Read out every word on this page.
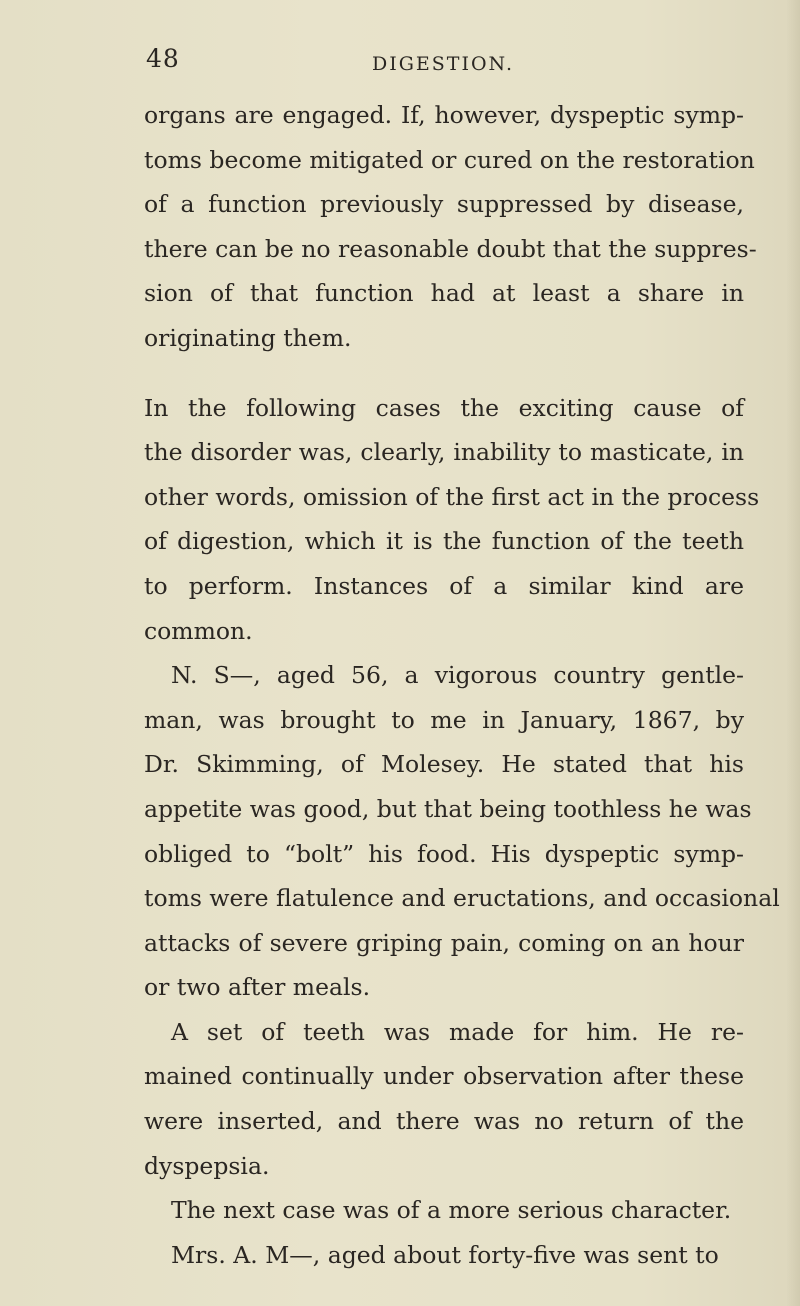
48	DIGESTION.
organs are engaged. If, however, dyspeptic symp-
toms become mitigated or cured on the restoration
of a function previously suppressed by disease,
there can be no reasonable doubt that the suppres-
sion of that function had at least a share in
originating them.
In the following cases the exciting cause of
the disorder was, clearly, inability to masticate, in
other words, omission of the first act in the process
of digestion, which it is the function of the teeth
to perform. Instances of a similar kind are
common.
N. S—, aged 56, a vigorous country gentle-
man, was brought to me in January, 1867, by
Dr. Skimming, of Molesey. He stated that his
appetite was good, but that being toothless he was
obliged to “bolt” his food. His dyspeptic symp-
toms were flatulence and eructations, and occasional
attacks of severe griping pain, coming on an hour
or two after meals.
A set of teeth was made for him. He re-
mained continually under observation after these
were inserted, and there was no return of the
dyspepsia.
The next case was of a more serious character.
Mrs. A. M—, aged about forty-five was sent to
